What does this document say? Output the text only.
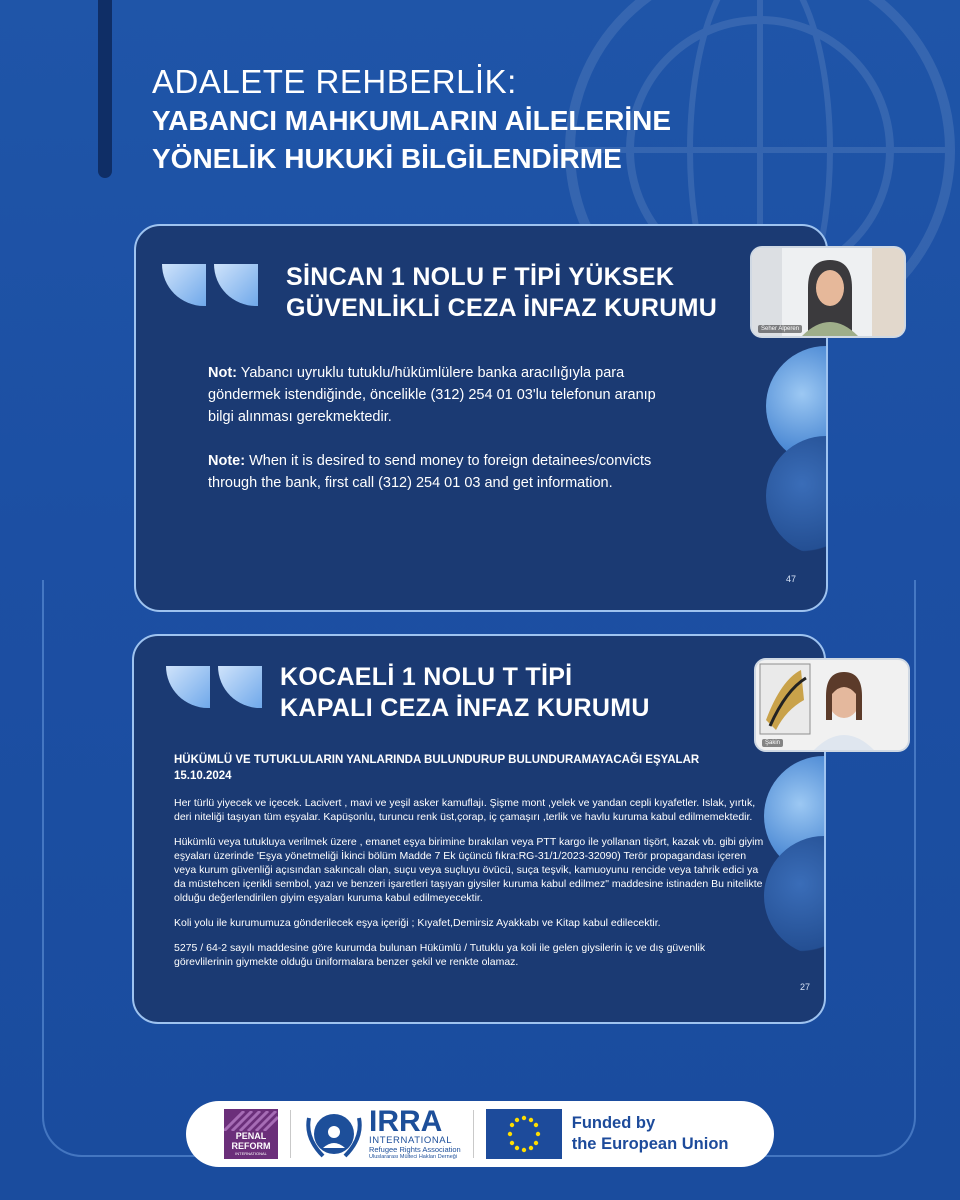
ADALETE REHBERLİK:
YABANCI MAHKUMLARIN AİLELERİNE
YÖNELİK HUKUKİ BİLGİLENDİRME
SİNCAN 1 NOLU F TİPİ YÜKSEK
GÜVENLİKLİ CEZA İNFAZ KURUMU
Not: Yabancı uyruklu tutuklu/hükümlülere banka aracılığıyla para göndermek istendiğinde, öncelikle (312) 254 01 03'lu telefonun aranıp bilgi alınması gerekmektedir.
Note: When it is desired to send money to foreign detainees/convicts through the bank, first call (312) 254 01 03 and get information.
47
Seher Alperen
KOCAELİ 1 NOLU T TİPİ
KAPALI CEZA İNFAZ KURUMU
HÜKÜMLÜ VE TUTUKLULARIN YANLARINDA BULUNDURUP BULUNDURAMAYACAĞI EŞYALAR
15.10.2024

Her türlü yiyecek ve içecek. Lacivert , mavi ve yeşil asker kamuflajı. Şişme mont ,yelek ve yandan cepli kıyafetler. Islak, yırtık, deri niteliği taşıyan tüm eşyalar. Kapüşonlu, turuncu renk üst,çorap, iç çamaşırı ,terlik ve havlu kuruma kabul edilmemektedir.

Hükümlü veya tutukluya verilmek üzere , emanet eşya birimine bırakılan veya PTT kargo ile yollanan tişört, kazak vb. gibi giyim eşyaları üzerinde 'Eşya yönetmeliği İkinci bölüm Madde 7 Ek üçüncü fıkra:RG-31/1/2023-32090) Terör propagandası içeren veya kurum güvenliği açısından sakıncalı olan, suçu veya suçluyu övücü, suça teşvik, kamuoyunu rencide veya tahrik edici ya da müstehcen içerikli sembol, yazı ve benzeri işaretleri taşıyan giysiler kuruma kabul edilmez" maddesine istinaden Bu nitelikte olduğu değerlendirilen giyim eşyaları kuruma kabul edilmeyecektir.

Koli yolu ile kurumumuza gönderilecek eşya içeriği ; Kıyafet,Demirsiz Ayakkabı ve Kitap kabul edilecektir.

5275 / 64-2 sayılı maddesine göre kurumda bulunan Hükümlü / Tutuklu ya koli ile gelen giysilerin iç ve dış güvenlik görevlilerinin giymekte olduğu üniformalara benzer şekil ve renkte olamaz.

27
Şakin
PENAL
REFORM
INTERNATIONAL
IRRA
INTERNATIONAL
Refugee Rights Association
Uluslararası Mülteci Hakları Derneği
Funded by
the European Union
